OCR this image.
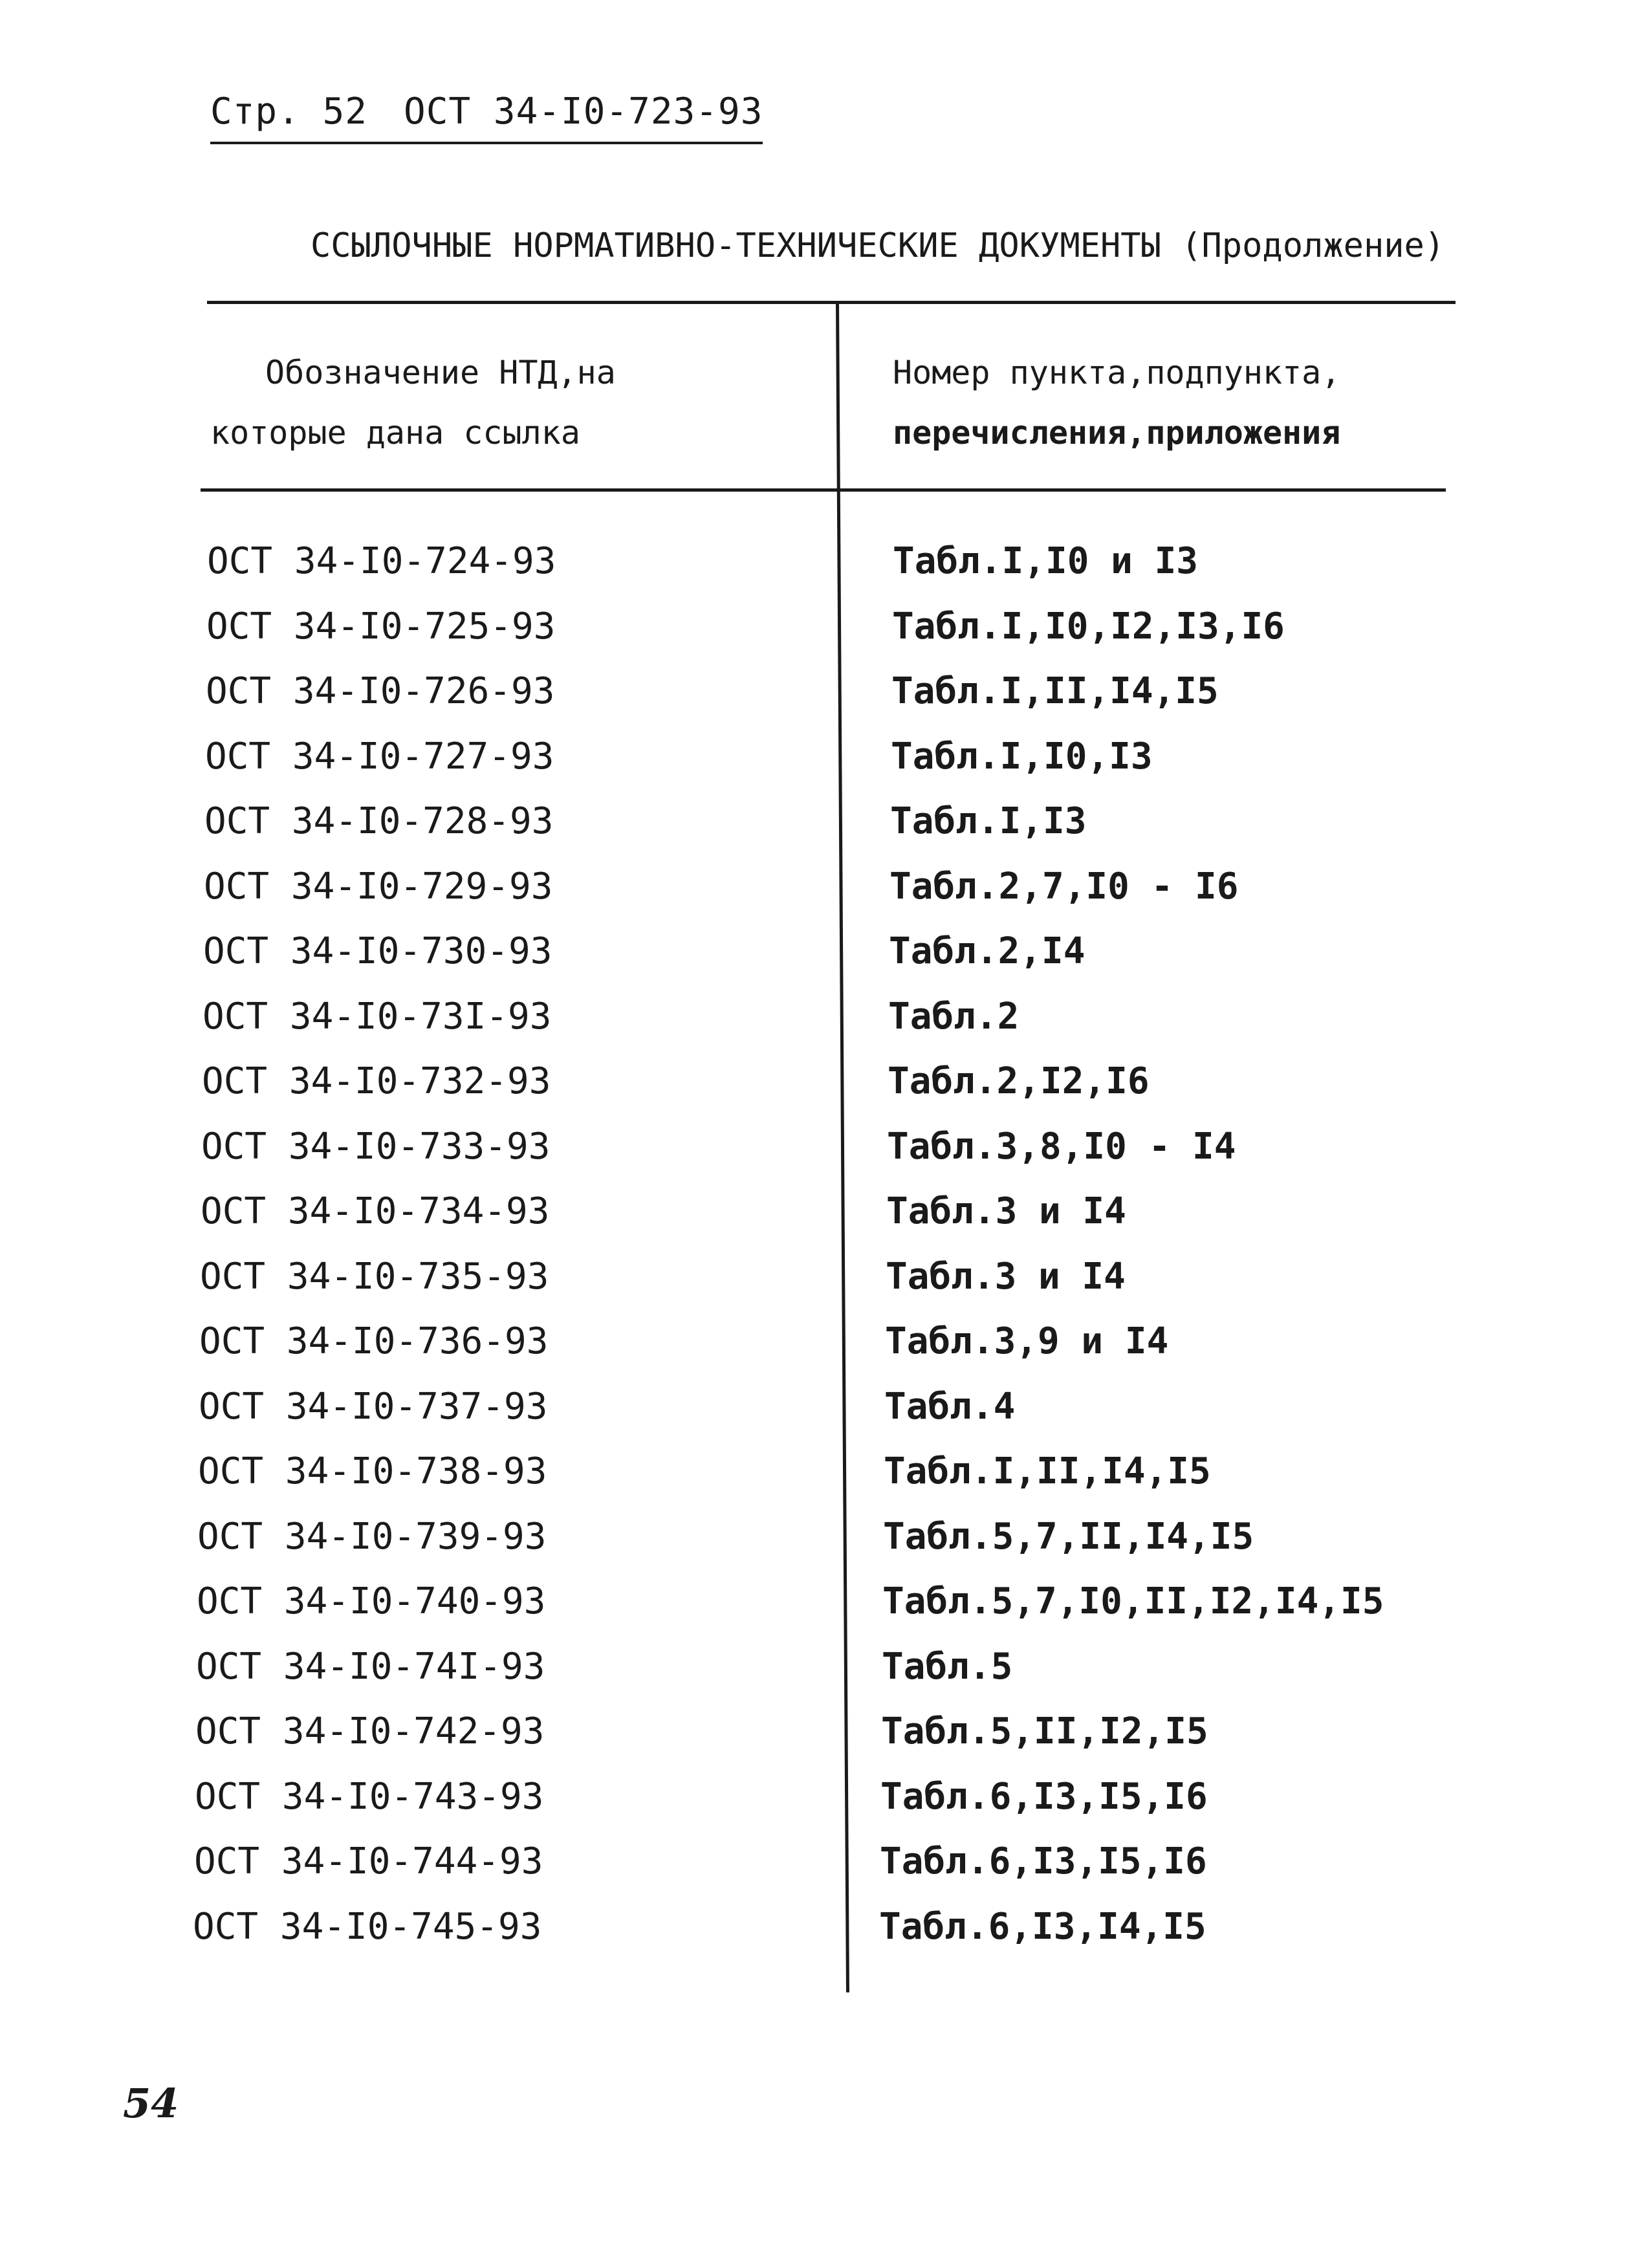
Стр. 52 ОСТ 34-I0-723-93
ССЫЛОЧНЫЕ НОРМАТИВНО-ТЕХНИЧЕСКИЕ ДОКУМЕНТЫ (Продолжение)
Обозначение НТД,на
которые дана ссылка
Номер пункта,подпункта,
перечисления,приложения
ОСТ 34-I0-724-93	Табл.I,I0 и I3
ОСТ 34-I0-725-93	Табл.I,I0,I2,I3,I6
ОСТ 34-I0-726-93	Табл.I,II,I4,I5
ОСТ 34-I0-727-93	Табл.I,I0,I3
ОСТ 34-I0-728-93	Табл.I,I3
ОСТ 34-I0-729-93	Табл.2,7,I0 - I6
ОСТ 34-I0-730-93	Табл.2,I4
ОСТ 34-I0-73I-93	Табл.2
ОСТ 34-I0-732-93	Табл.2,I2,I6
ОСТ 34-I0-733-93	Табл.3,8,I0 - I4
ОСТ 34-I0-734-93	Табл.3 и I4
ОСТ 34-I0-735-93	Табл.3 и I4
ОСТ 34-I0-736-93	Табл.3,9 и I4
ОСТ 34-I0-737-93	Табл.4
ОСТ 34-I0-738-93	Табл.I,II,I4,I5
ОСТ 34-I0-739-93	Табл.5,7,II,I4,I5
ОСТ 34-I0-740-93	Табл.5,7,I0,II,I2,I4,I5
ОСТ 34-I0-74I-93	Табл.5
ОСТ 34-I0-742-93	Табл.5,II,I2,I5
ОСТ 34-I0-743-93	Табл.6,I3,I5,I6
ОСТ 34-I0-744-93	Табл.6,I3,I5,I6
ОСТ 34-I0-745-93	Табл.6,I3,I4,I5
54
